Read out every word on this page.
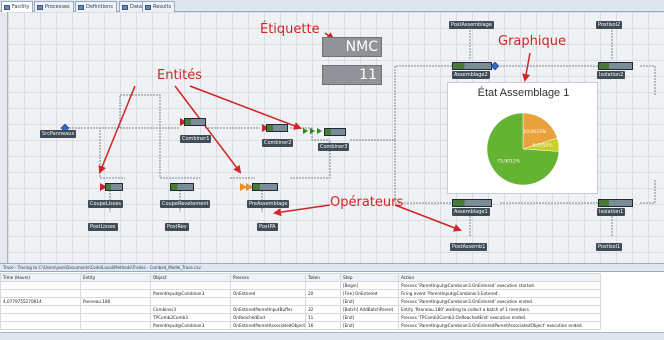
Facility	Processes	Definitions	Data	Results
PostAssemblage	PostIsol2
Assemblage2	Isolation2
SrcPanneaux
Combiner1
Combiner2
Combiner3
CoupeLisses	CoupeRevetement	PreAssemblage
PostLisses	PostRev	PostPA
Assemblage1	Isolation1
PostAssemb1	PostIsol1
NMC
11
Étiquette
Graphique
Entités
Opérateurs
État Assemblage 1
20,0633%
6,0355%
73,9012%
Trace - Tracing to C:\Users\jean\Documents\Code\Laval\Methods\Trades - Combed_Model_Trace.csv
Time (Hours)	Entity	Object	Process	Token	Step	Action
					[Begin]	Process 'ParentInput@Combiner3.OnEntered' execution started.
		ParentInput@Combiner3	OnEntered	20	[Fire] OnEntered	Firing event 'ParentInput@Combiner3.Entered'.
4,0779755270614	Panneau.180				[End]	Process 'ParentInput@Combiner3.OnEntered' execution ended.
		Combiner3	OnEnteredParentInputBuffer	32	[Batch] AddBatchParent	Entity 'Panneau.180' waiting to collect a batch of 1 members.
		TPComb3Comb3	OnReachedEnd	11	[End]	Process 'TPComb3Comb3.OnReachedEnd' execution ended.
		ParentInput@Combiner3	OnEnteredParentAssociatedObject	16	[End]	Process 'ParentInput@Combiner3.OnEnteredParentAssociatedObject' execution ended.
